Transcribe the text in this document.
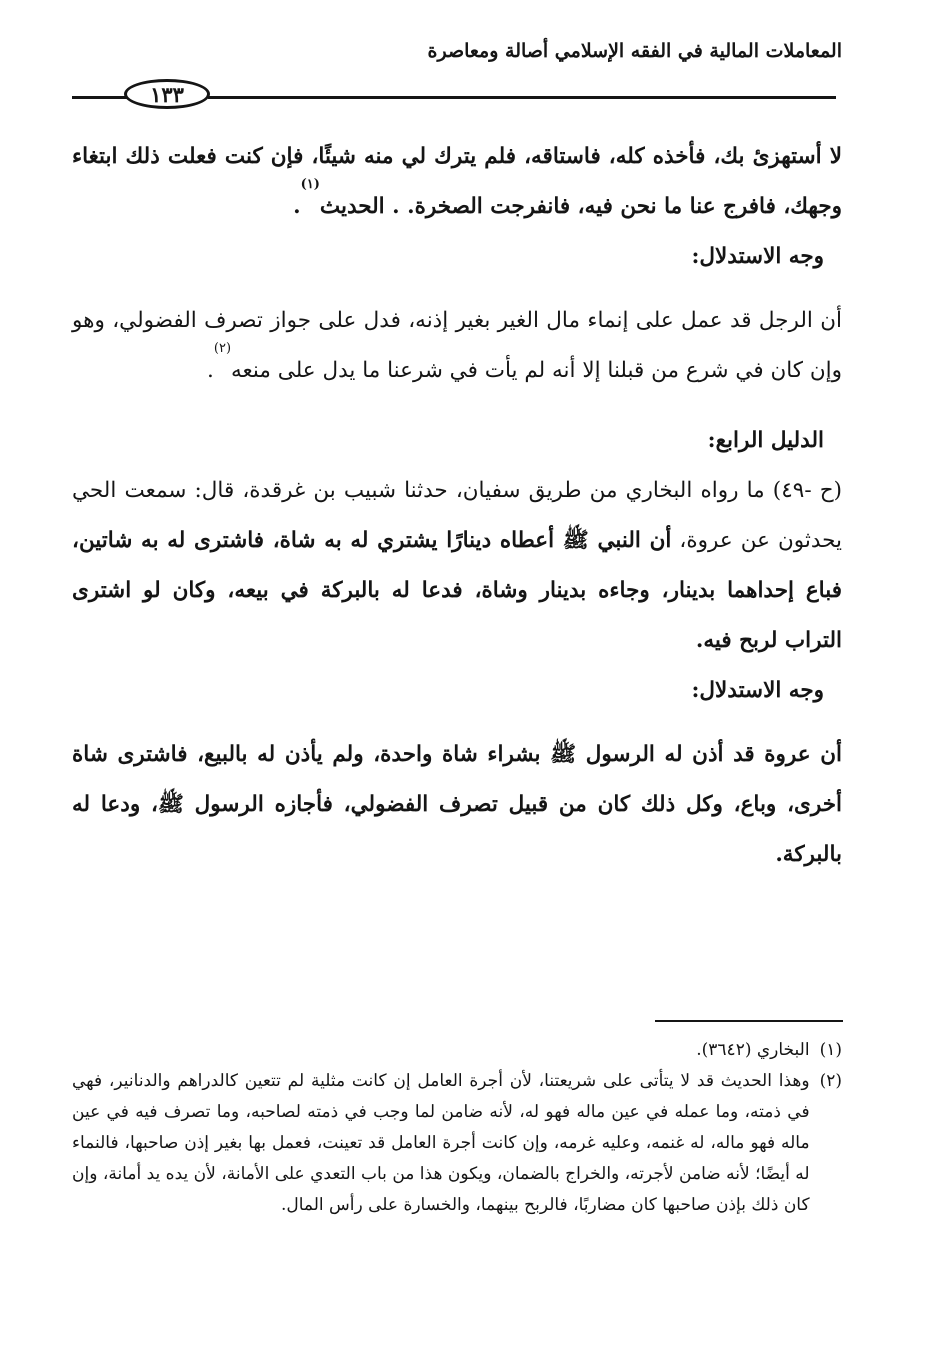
المعاملات المالية في الفقه الإسلامي أصالة ومعاصرة
١٣٣

لا أستهزئ بك، فأخذه كله، فاستاقه، فلم يترك لي منه شيئًا، فإن كنت فعلت ذلك ابتغاء وجهك، فافرج عنا ما نحن فيه، فانفرجت الصخرة. . الحديث$^{(١)}$.

وجه الاستدلال:

أن الرجل قد عمل على إنماء مال الغير بغير إذنه، فدل على جواز تصرف الفضولي، وهو وإن كان في شرع من قبلنا إلا أنه لم يأت في شرعنا ما يدل على منعه$^{(٢)}$.

الدليل الرابع:

(ح -٤٩) ما رواه البخاري من طريق سفيان، حدثنا شبيب بن غرقدة، قال: سمعت الحي يحدثون عن عروة، أن النبي ﷺ أعطاه دينارًا يشتري له به شاة، فاشترى له به شاتين، فباع إحداهما بدينار، وجاءه بدينار وشاة، فدعا له بالبركة في بيعه، وكان لو اشترى التراب لربح فيه.

وجه الاستدلال:

أن عروة قد أذن له الرسول ﷺ بشراء شاة واحدة، ولم يأذن له بالبيع، فاشترى شاة أخرى، وباع، وكل ذلك كان من قبيل تصرف الفضولي، فأجازه الرسول ﷺ، ودعا له بالبركة.

(١)
البخاري (٣٦٤٢).
(٢)
وهذا الحديث قد لا يتأتى على شريعتنا، لأن أجرة العامل إن كانت مثلية لم تتعين كالدراهم والدنانير، فهي في ذمته، وما عمله في عين ماله فهو له، لأنه ضامن لما وجب في ذمته لصاحبه، وما تصرف فيه في عين ماله فهو ماله، له غنمه، وعليه غرمه، وإن كانت أجرة العامل قد تعينت، فعمل بها بغير إذن صاحبها، فالنماء له أيضًا؛ لأنه ضامن لأجرته، والخراج بالضمان، ويكون هذا من باب التعدي على الأمانة، لأن يده يد أمانة، وإن كان ذلك بإذن صاحبها كان مضاربًا، فالربح بينهما، والخسارة على رأس المال.
